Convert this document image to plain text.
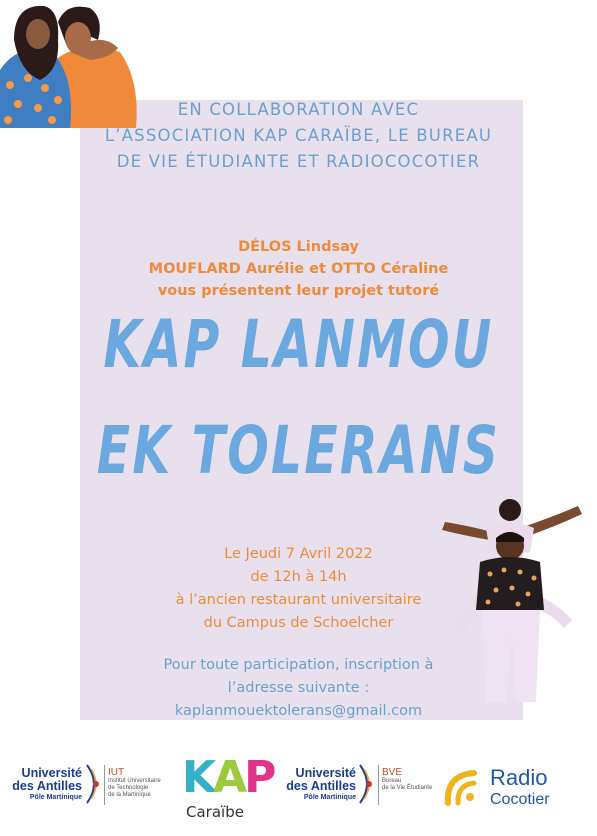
EN COLLABORATION AVEC
L’ASSOCIATION KAP CARAÏBE, LE BUREAU
DE VIE ÉTUDIANTE ET RADIOCOCOTIER
DÉLOS Lindsay
MOUFLARD Aurélie et OTTO Céraline
vous présentent leur projet tutoré
KAP LANMOU
EK TOLERANS
Le Jeudi 7 Avril 2022
de 12h à 14h
à l’ancien restaurant universitaire
du Campus de Schoelcher
Pour toute participation, inscription à
l’adresse suivante :
kaplanmouektolerans@gmail.com
Université
des Antilles
Pôle Martinique
IUT
Institut Universitaire
de Technologie
de la Martinique KAP
Caraïbe
Université
des Antilles
Pôle Martinique
BVE
Bureau
de la Vie Étudiante	Radio
Cocotier
